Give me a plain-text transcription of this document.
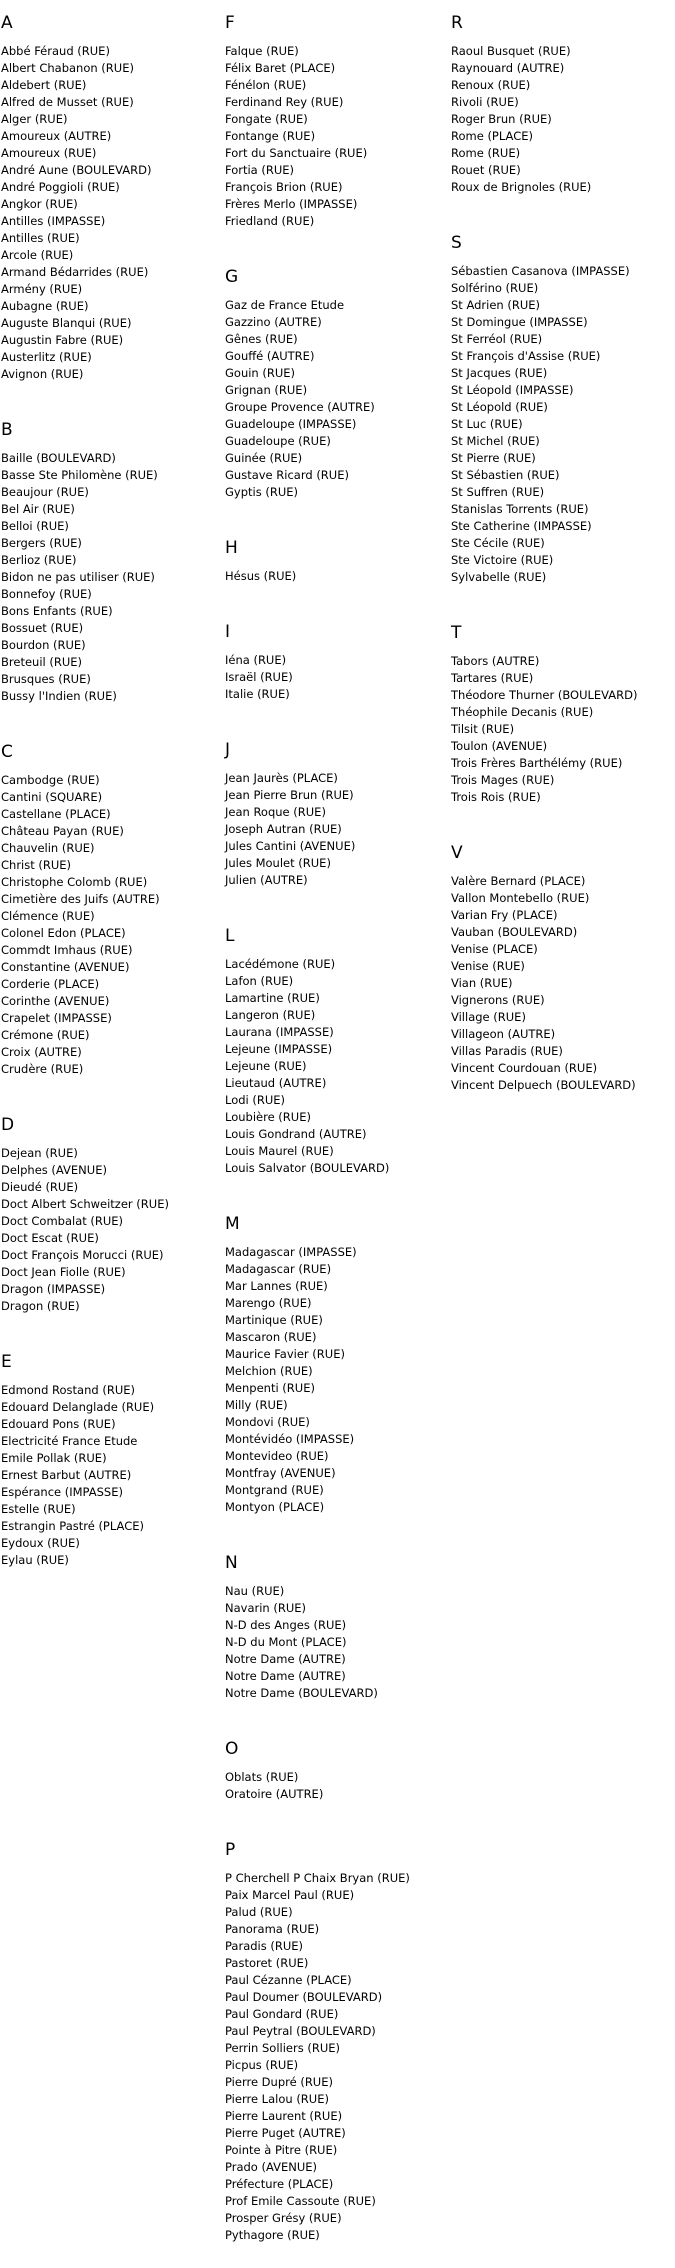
A
Abbé Féraud (RUE)
Albert Chabanon (RUE)
Aldebert (RUE)
Alfred de Musset (RUE)
Alger (RUE)
Amoureux (AUTRE)
Amoureux (RUE)
André Aune (BOULEVARD)
André Poggioli (RUE)
Angkor (RUE)
Antilles (IMPASSE)
Antilles (RUE)
Arcole (RUE)
Armand Bédarrides (RUE)
Armény (RUE)
Aubagne (RUE)
Auguste Blanqui (RUE)
Augustin Fabre (RUE)
Austerlitz (RUE)
Avignon (RUE)
B
Baille (BOULEVARD)
Basse Ste Philomène (RUE)
Beaujour (RUE)
Bel Air (RUE)
Belloi (RUE)
Bergers (RUE)
Berlioz (RUE)
Bidon ne pas utiliser (RUE)
Bonnefoy (RUE)
Bons Enfants (RUE)
Bossuet (RUE)
Bourdon (RUE)
Breteuil (RUE)
Brusques (RUE)
Bussy l'Indien (RUE)
C
Cambodge (RUE)
Cantini (SQUARE)
Castellane (PLACE)
Château Payan (RUE)
Chauvelin (RUE)
Christ (RUE)
Christophe Colomb (RUE)
Cimetière des Juifs (AUTRE)
Clémence (RUE)
Colonel Edon (PLACE)
Commdt Imhaus (RUE)
Constantine (AVENUE)
Corderie (PLACE)
Corinthe (AVENUE)
Crapelet (IMPASSE)
Crémone (RUE)
Croix (AUTRE)
Crudère (RUE)
D
Dejean (RUE)
Delphes (AVENUE)
Dieudé (RUE)
Doct Albert Schweitzer (RUE)
Doct Combalat (RUE)
Doct Escat (RUE)
Doct François Morucci (RUE)
Doct Jean Fiolle (RUE)
Dragon (IMPASSE)
Dragon (RUE)
E
Edmond Rostand (RUE)
Edouard Delanglade (RUE)
Edouard Pons (RUE)
Electricité France Etude
Emile Pollak (RUE)
Ernest Barbut (AUTRE)
Espérance (IMPASSE)
Estelle (RUE)
Estrangin Pastré (PLACE)
Eydoux (RUE)
Eylau (RUE)
F
Falque (RUE)
Félix Baret (PLACE)
Fénélon (RUE)
Ferdinand Rey (RUE)
Fongate (RUE)
Fontange (RUE)
Fort du Sanctuaire (RUE)
Fortia (RUE)
François Brion (RUE)
Frères Merlo (IMPASSE)
Friedland (RUE)
G
Gaz de France Etude
Gazzino (AUTRE)
Gênes (RUE)
Gouffé (AUTRE)
Gouin (RUE)
Grignan (RUE)
Groupe Provence (AUTRE)
Guadeloupe (IMPASSE)
Guadeloupe (RUE)
Guinée (RUE)
Gustave Ricard (RUE)
Gyptis (RUE)
H
Hésus (RUE)
I
Iéna (RUE)
Israël (RUE)
Italie (RUE)
J
Jean Jaurès (PLACE)
Jean Pierre Brun (RUE)
Jean Roque (RUE)
Joseph Autran (RUE)
Jules Cantini (AVENUE)
Jules Moulet (RUE)
Julien (AUTRE)
L
Lacédémone (RUE)
Lafon (RUE)
Lamartine (RUE)
Langeron (RUE)
Laurana (IMPASSE)
Lejeune (IMPASSE)
Lejeune (RUE)
Lieutaud (AUTRE)
Lodi (RUE)
Loubière (RUE)
Louis Gondrand (AUTRE)
Louis Maurel (RUE)
Louis Salvator (BOULEVARD)
M
Madagascar (IMPASSE)
Madagascar (RUE)
Mar Lannes (RUE)
Marengo (RUE)
Martinique (RUE)
Mascaron (RUE)
Maurice Favier (RUE)
Melchion (RUE)
Menpenti (RUE)
Milly (RUE)
Mondovi (RUE)
Montévidéo (IMPASSE)
Montevideo (RUE)
Montfray (AVENUE)
Montgrand (RUE)
Montyon (PLACE)
N
Nau (RUE)
Navarin (RUE)
N-D des Anges (RUE)
N-D du Mont (PLACE)
Notre Dame (AUTRE)
Notre Dame (AUTRE)
Notre Dame (BOULEVARD)
O
Oblats (RUE)
Oratoire (AUTRE)
P
P Cherchell P Chaix Bryan (RUE)
Paix Marcel Paul (RUE)
Palud (RUE)
Panorama (RUE)
Paradis (RUE)
Pastoret (RUE)
Paul Cézanne (PLACE)
Paul Doumer (BOULEVARD)
Paul Gondard (RUE)
Paul Peytral (BOULEVARD)
Perrin Solliers (RUE)
Picpus (RUE)
Pierre Dupré (RUE)
Pierre Lalou (RUE)
Pierre Laurent (RUE)
Pierre Puget (AUTRE)
Pointe à Pitre (RUE)
Prado (AVENUE)
Préfecture (PLACE)
Prof Emile Cassoute (RUE)
Prosper Grésy (RUE)
Pythagore (RUE)
R
Raoul Busquet (RUE)
Raynouard (AUTRE)
Renoux (RUE)
Rivoli (RUE)
Roger Brun (RUE)
Rome (PLACE)
Rome (RUE)
Rouet (RUE)
Roux de Brignoles (RUE)
S
Sébastien Casanova (IMPASSE)
Solférino (RUE)
St Adrien (RUE)
St Domingue (IMPASSE)
St Ferréol (RUE)
St François d'Assise (RUE)
St Jacques (RUE)
St Léopold (IMPASSE)
St Léopold (RUE)
St Luc (RUE)
St Michel (RUE)
St Pierre (RUE)
St Sébastien (RUE)
St Suffren (RUE)
Stanislas Torrents (RUE)
Ste Catherine (IMPASSE)
Ste Cécile (RUE)
Ste Victoire (RUE)
Sylvabelle (RUE)
T
Tabors (AUTRE)
Tartares (RUE)
Théodore Thurner (BOULEVARD)
Théophile Decanis (RUE)
Tilsit (RUE)
Toulon (AVENUE)
Trois Frères Barthélémy (RUE)
Trois Mages (RUE)
Trois Rois (RUE)
V
Valère Bernard (PLACE)
Vallon Montebello (RUE)
Varian Fry (PLACE)
Vauban (BOULEVARD)
Venise (PLACE)
Venise (RUE)
Vian (RUE)
Vignerons (RUE)
Village (RUE)
Villageon (AUTRE)
Villas Paradis (RUE)
Vincent Courdouan (RUE)
Vincent Delpuech (BOULEVARD)
